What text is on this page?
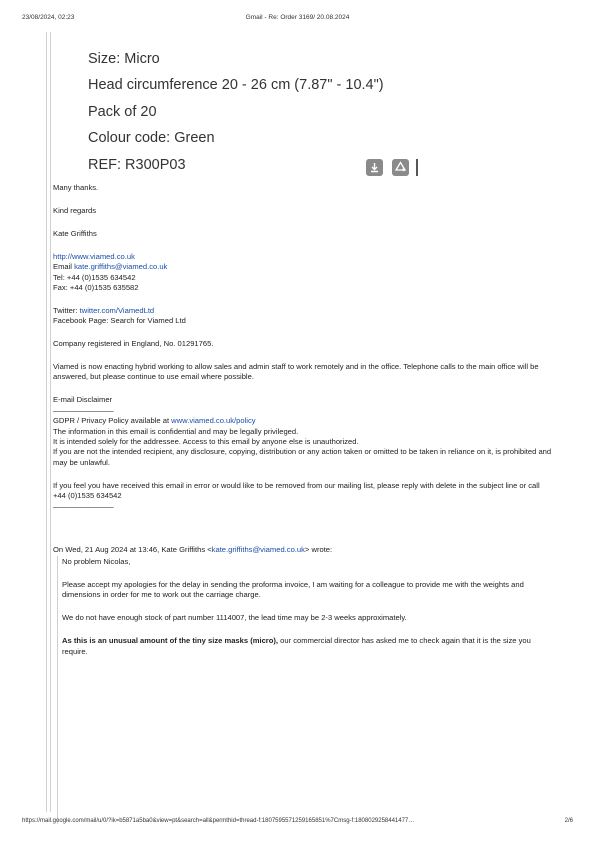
23/08/2024, 02:23	Gmail - Re: Order 3169/ 20.08.2024
Size: Micro
Head circumference 20 - 26 cm (7.87" - 10.4")
Pack of 20
Colour code: Green
REF: R300P03

Many thanks.

Kind regards

Kate Griffiths

http://www.viamed.co.uk

Email kate.griffiths@viamed.co.uk

Tel: +44 (0)1535 634542

Fax: +44 (0)1535 635582

Twitter: twitter.com/ViamedLtd

Facebook Page: Search for Viamed Ltd

Company registered in England, No. 01291765.

Viamed is now enacting hybrid working to allow sales and admin staff to work remotely and in the office. Telephone calls to the main office will be answered, but please continue to use email where possible.

E-mail Disclaimer

————————

GDPR / Privacy Policy available at www.viamed.co.uk/policy

The information in this email is confidential and may be legally privileged.

It is intended solely for the addressee. Access to this email by anyone else is unauthorized.

If you are not the intended recipient, any disclosure, copying, distribution or any action taken or omitted to be taken in reliance on it, is prohibited and may be unlawful.

If you feel you have received this email in error or would like to be removed from our mailing list, please reply with delete in the subject line or call +44 (0)1535 634542

————————

On Wed, 21 Aug 2024 at 13:46, Kate Griffiths <kate.griffiths@viamed.co.uk> wrote:

No problem Nicolas,

Please accept my apologies for the delay in sending the proforma invoice, I am waiting for a colleague to provide me with the weights and dimensions in order for me to work out the carriage charge.

We do not have enough stock of part number 1114007, the lead time may be 2-3 weeks approximately.

As this is an unusual amount of the tiny size masks (micro), our commercial director has asked me to check again that it is the size you require.

https://mail.google.com/mail/u/0/?ik=b5871a5ba0&view=pt&search=all&permthid=thread-f:1807595571259165851%7Cmsg-f:1808029258441477…	2/6
